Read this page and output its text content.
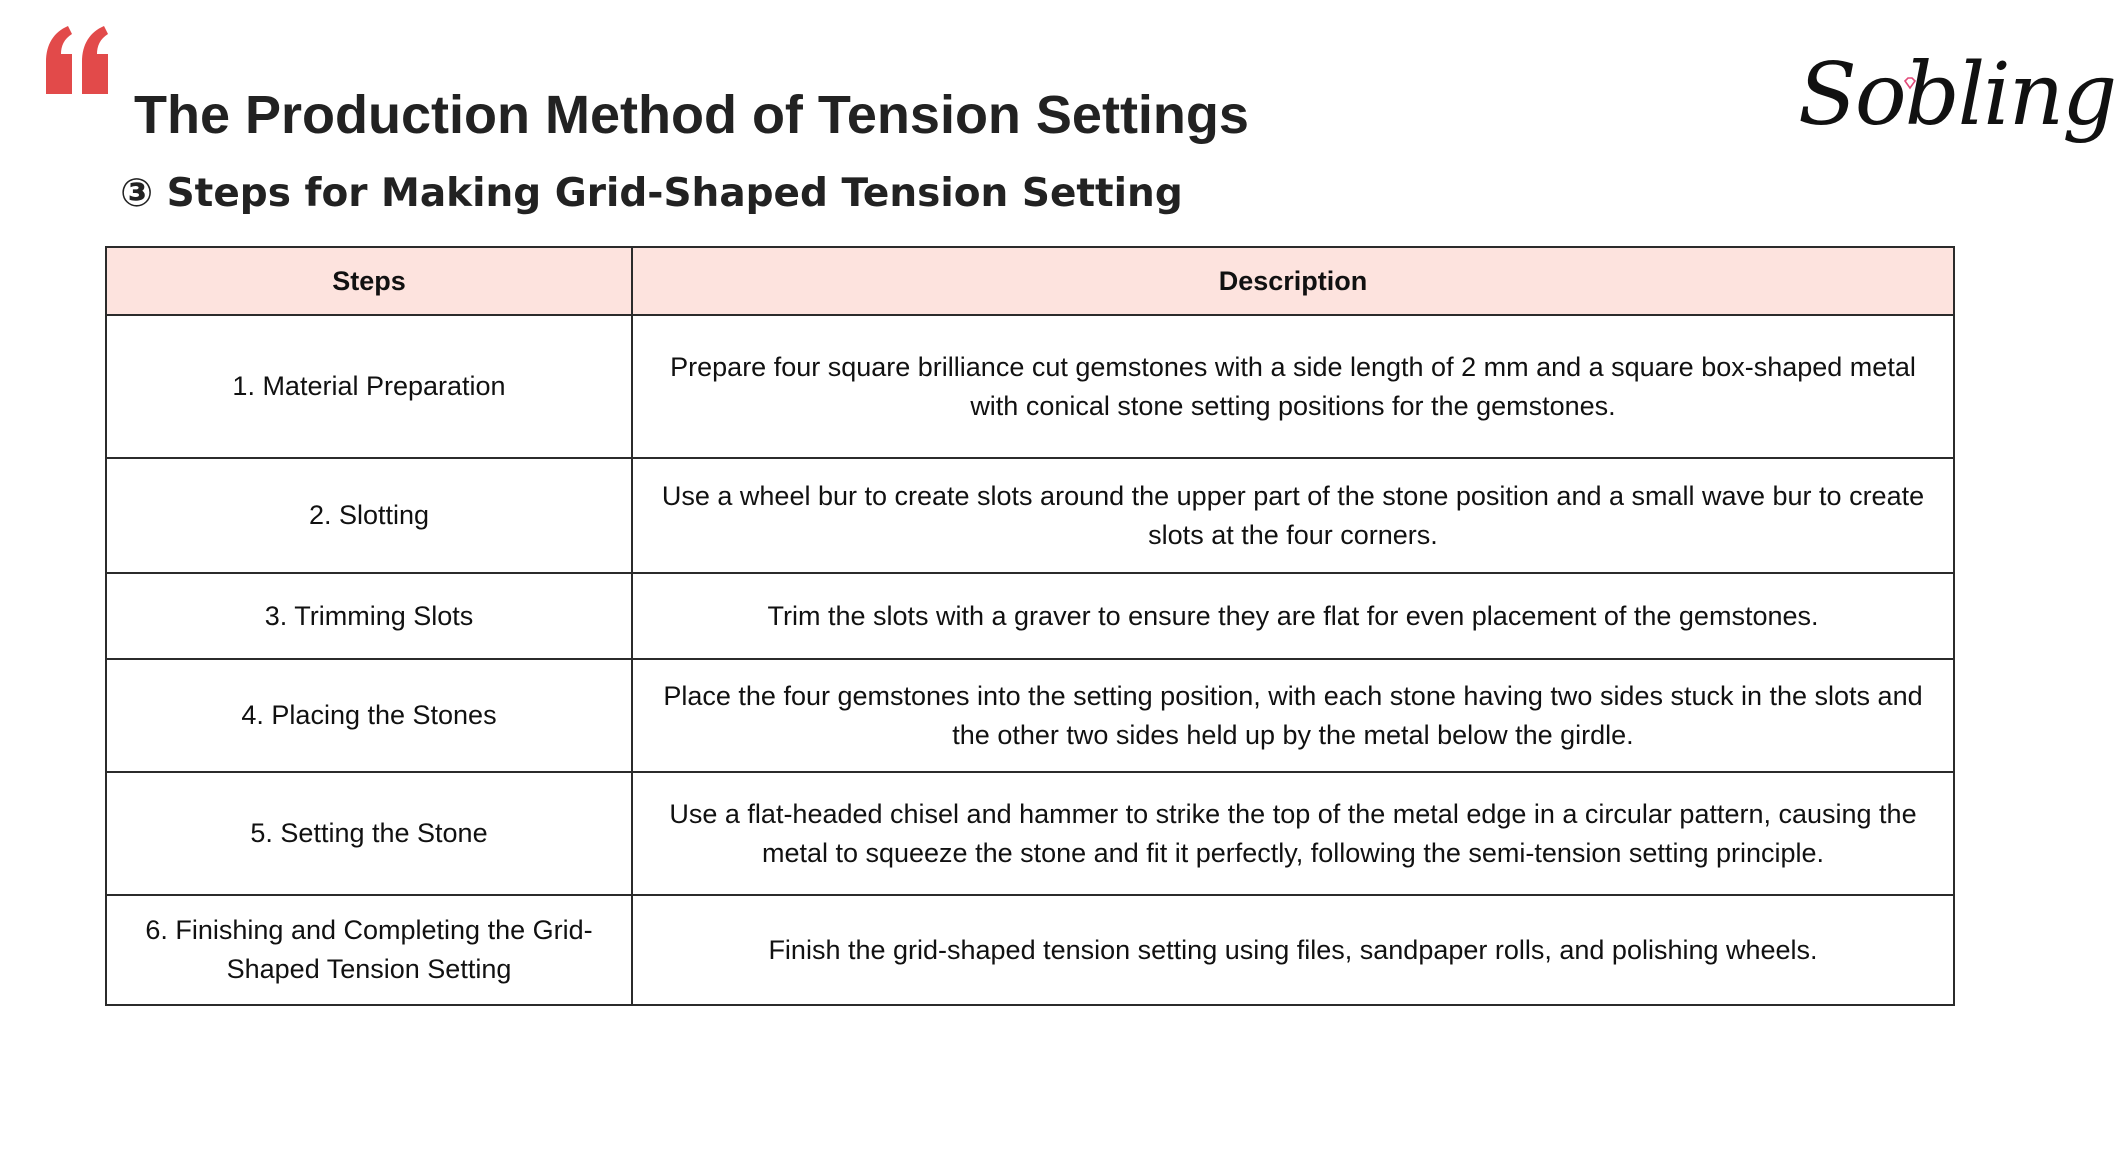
The Production Method of Tension Settings
③ Steps for Making Grid-Shaped Tension Setting
Sobling
Steps	Description
1. Material Preparation	Prepare four square brilliance cut gemstones with a side length of 2 mm and a square box-shaped metal with conical stone setting positions for the gemstones.
2. Slotting	Use a wheel bur to create slots around the upper part of the stone position and a small wave bur to create slots at the four corners.
3. Trimming Slots	Trim the slots with a graver to ensure they are flat for even placement of the gemstones.
4. Placing the Stones	Place the four gemstones into the setting position, with each stone having two sides stuck in the slots and the other two sides held up by the metal below the girdle.
5. Setting the Stone	Use a flat-headed chisel and hammer to strike the top of the metal edge in a circular pattern, causing the metal to squeeze the stone and fit it perfectly, following the semi-tension setting principle.
6. Finishing and Completing the Grid-Shaped Tension Setting	Finish the grid-shaped tension setting using files, sandpaper rolls, and polishing wheels.
